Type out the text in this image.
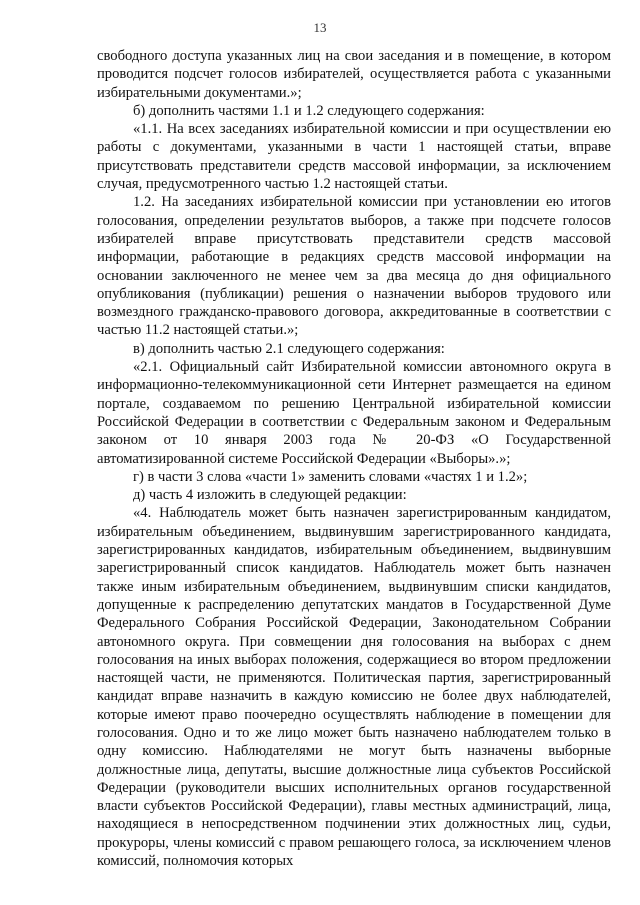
13

свободного доступа указанных лиц на свои заседания и в помещение, в котором проводится подсчет голосов избирателей, осуществляется работа с указанными избирательными документами.»;

б) дополнить частями 1.1 и 1.2 следующего содержания:

«1.1. На всех заседаниях избирательной комиссии и при осуществлении ею работы с документами, указанными в части 1 настоящей статьи, вправе присутствовать представители средств массовой информации, за исключением случая, предусмотренного частью 1.2 настоящей статьи.

1.2. На заседаниях избирательной комиссии при установлении ею итогов голосования, определении результатов выборов, а также при подсчете голосов избирателей вправе присутствовать представители средств массовой информации, работающие в редакциях средств массовой информации на основании заключенного не менее чем за два месяца до дня официального опубликования (публикации) решения о назначении выборов трудового или возмездного гражданско-правового договора, аккредитованные в соответствии с частью 11.2 настоящей статьи.»;

в) дополнить частью 2.1 следующего содержания:

«2.1. Официальный сайт Избирательной комиссии автономного округа в информационно-телекоммуникационной сети Интернет размещается на едином портале, создаваемом по решению Центральной избирательной комиссии Российской Федерации в соответствии с Федеральным законом и Федеральным законом от 10 января 2003 года № 20-ФЗ «О Государственной автоматизированной системе Российской Федерации «Выборы».»;

г) в части 3 слова «части 1» заменить словами «частях 1 и 1.2»;

д) часть 4 изложить в следующей редакции:

«4. Наблюдатель может быть назначен зарегистрированным кандидатом, избирательным объединением, выдвинувшим зарегистрированного кандидата, зарегистрированных кандидатов, избирательным объединением, выдвинувшим зарегистрированный список кандидатов. Наблюдатель может быть назначен также иным избирательным объединением, выдвинувшим списки кандидатов, допущенные к распределению депутатских мандатов в Государственной Думе Федерального Собрания Российской Федерации, Законодательном Собрании автономного округа. При совмещении дня голосования на выборах с днем голосования на иных выборах положения, содержащиеся во втором предложении настоящей части, не применяются. Политическая партия, зарегистрированный кандидат вправе назначить в каждую комиссию не более двух наблюдателей, которые имеют право поочередно осуществлять наблюдение в помещении для голосования. Одно и то же лицо может быть назначено наблюдателем только в одну комиссию. Наблюдателями не могут быть назначены выборные должностные лица, депутаты, высшие должностные лица субъектов Российской Федерации (руководители высших исполнительных органов государственной власти субъектов Российской Федерации), главы местных администраций, лица, находящиеся в непосредственном подчинении этих должностных лиц, судьи, прокуроры, члены комиссий с правом решающего голоса, за исключением членов комиссий, полномочия которых
